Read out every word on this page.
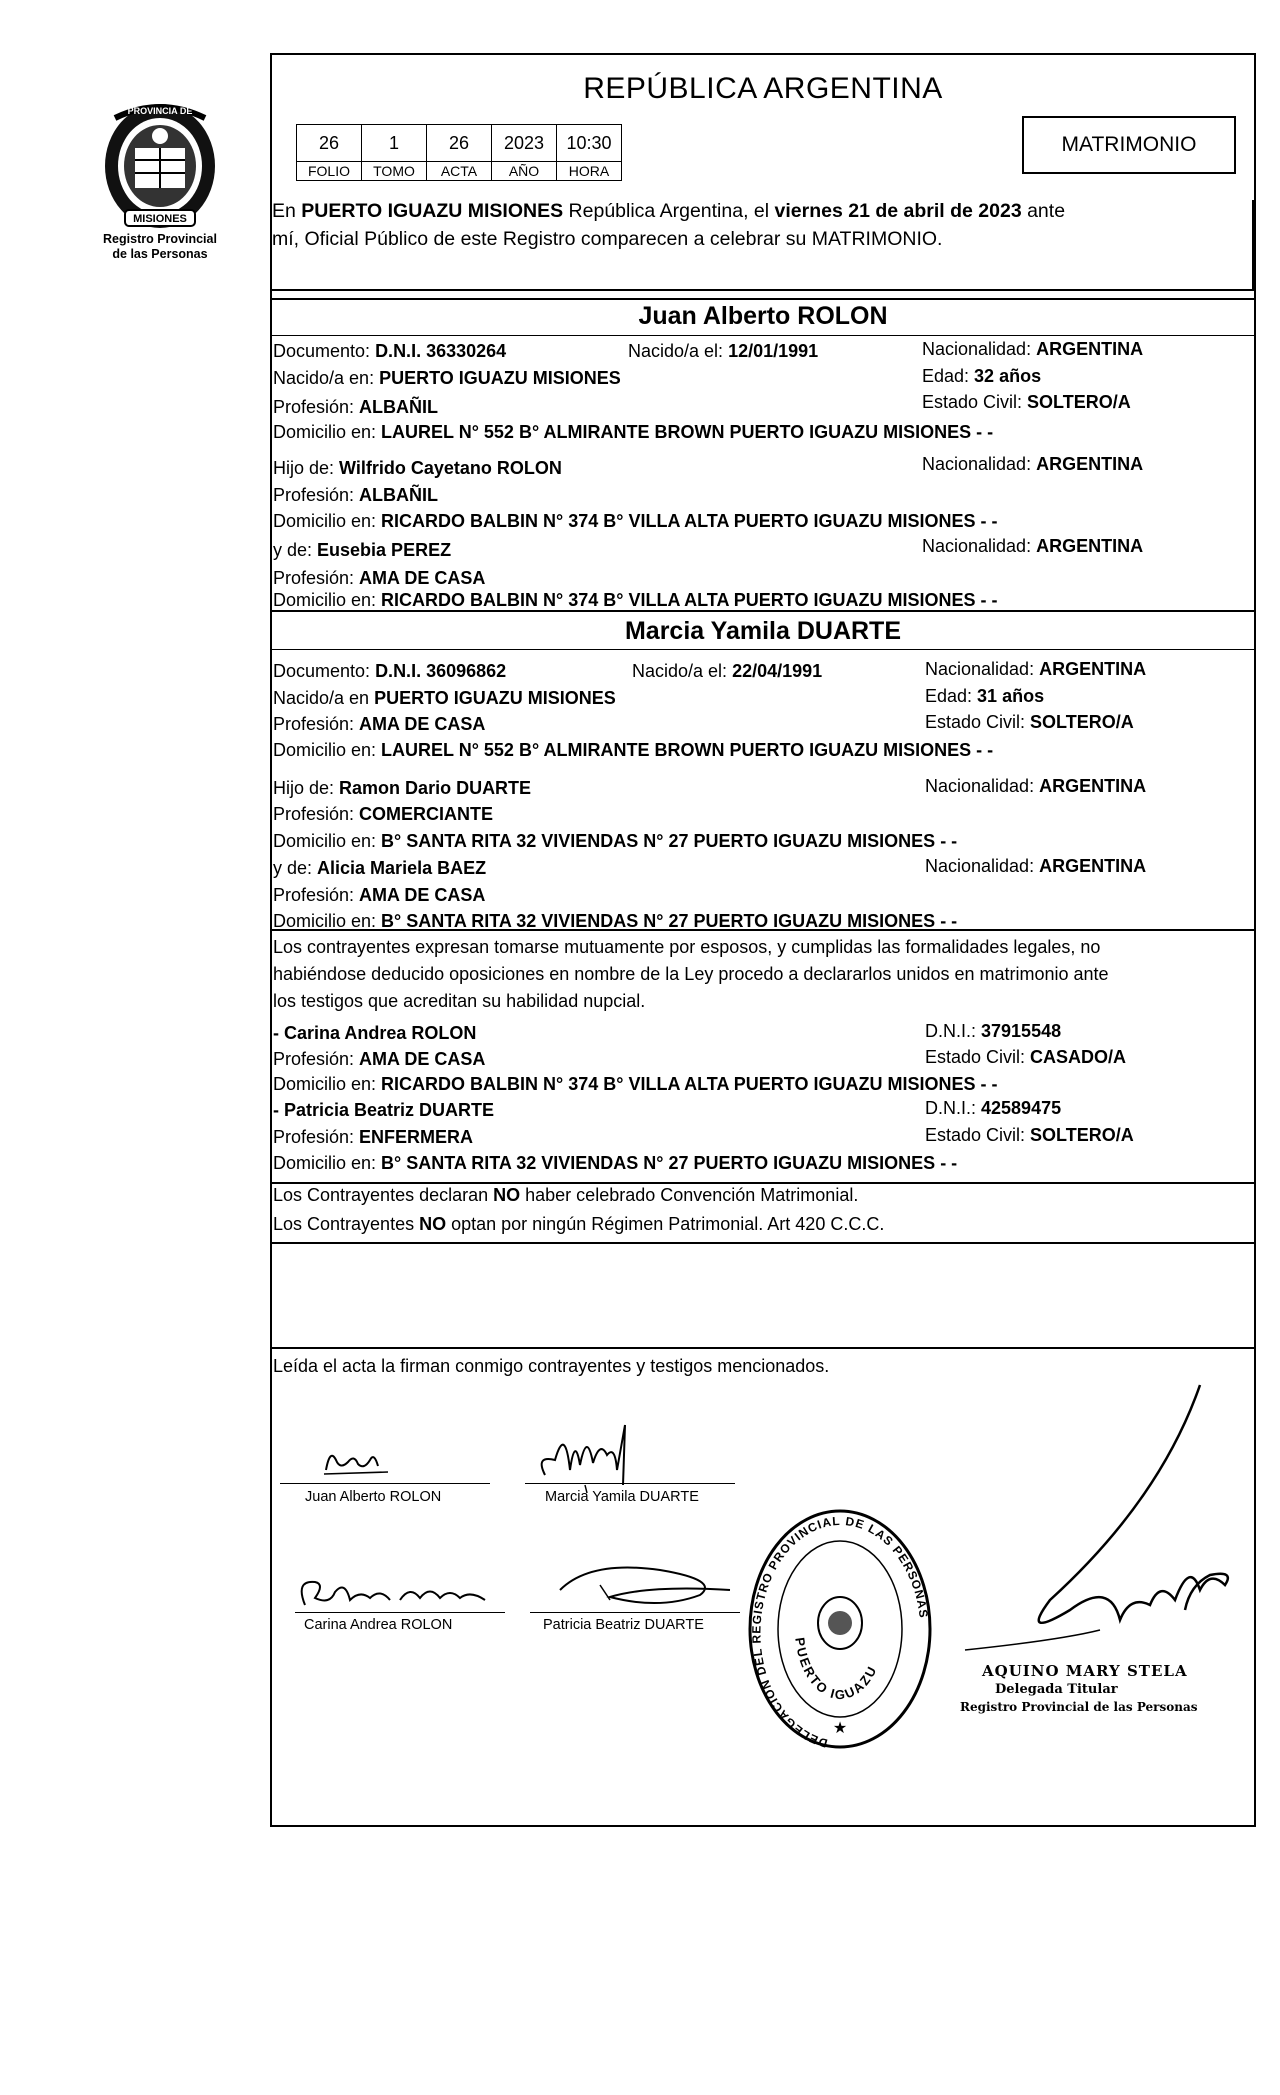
MISIONES
PROVINCIA DE
Registro Provincial
de las Personas
REPÚBLICA ARGENTINA
26	1	26	2023	10:30
FOLIO	TOMO	ACTA	AÑO	HORA
MATRIMONIO
En PUERTO IGUAZU MISIONES República Argentina, el viernes 21 de abril de 2023 ante
mí, Oficial Público de este Registro comparecen a celebrar su MATRIMONIO.
Juan Alberto ROLON
Documento: D.N.I. 36330264	Nacido/a el: 12/01/1991	Nacionalidad: ARGENTINA
Nacido/a en: PUERTO IGUAZU MISIONES	Edad: 32 años
Profesión: ALBAÑIL	Estado Civil: SOLTERO/A
Domicilio en: LAUREL N° 552 B° ALMIRANTE BROWN PUERTO IGUAZU MISIONES - -
Hijo de: Wilfrido Cayetano ROLON	Nacionalidad: ARGENTINA
Profesión: ALBAÑIL
Domicilio en: RICARDO BALBIN N° 374 B° VILLA ALTA PUERTO IGUAZU MISIONES - -
y de: Eusebia PEREZ	Nacionalidad: ARGENTINA
Profesión: AMA DE CASA
Domicilio en: RICARDO BALBIN N° 374 B° VILLA ALTA PUERTO IGUAZU MISIONES - -
Marcia Yamila DUARTE
Documento: D.N.I. 36096862	Nacido/a el: 22/04/1991	Nacionalidad: ARGENTINA
Nacido/a en PUERTO IGUAZU MISIONES	Edad: 31 años
Profesión: AMA DE CASA	Estado Civil: SOLTERO/A
Domicilio en: LAUREL N° 552 B° ALMIRANTE BROWN PUERTO IGUAZU MISIONES - -
Hijo de: Ramon Dario DUARTE	Nacionalidad: ARGENTINA
Profesión: COMERCIANTE
Domicilio en: B° SANTA RITA 32 VIVIENDAS N° 27 PUERTO IGUAZU MISIONES - -
y de: Alicia Mariela BAEZ	Nacionalidad: ARGENTINA
Profesión: AMA DE CASA
Domicilio en: B° SANTA RITA 32 VIVIENDAS N° 27 PUERTO IGUAZU MISIONES - -
Los contrayentes expresan tomarse mutuamente por esposos, y cumplidas las formalidades legales, no
habiéndose deducido oposiciones en nombre de la Ley procedo a declararlos unidos en matrimonio ante
los testigos que acreditan su habilidad nupcial.
- Carina Andrea ROLON	D.N.I.: 37915548
Profesión: AMA DE CASA	Estado Civil: CASADO/A
Domicilio en: RICARDO BALBIN N° 374 B° VILLA ALTA PUERTO IGUAZU MISIONES - -
- Patricia Beatriz DUARTE	D.N.I.: 42589475
Profesión: ENFERMERA	Estado Civil: SOLTERO/A
Domicilio en: B° SANTA RITA 32 VIVIENDAS N° 27 PUERTO IGUAZU MISIONES - -
Los Contrayentes declaran NO haber celebrado Convención Matrimonial.
Los Contrayentes NO optan por ningún Régimen Patrimonial. Art 420 C.C.C.
Leída el acta la firman conmigo contrayentes y testigos mencionados.
Juan Alberto ROLON	Marcia Yamila DUARTE
Carina Andrea ROLON	Patricia Beatriz DUARTE
DELEGACION DEL REGISTRO PROVINCIAL DE LAS PERSONAS
PUERTO IGUAZU
★
AQUINO MARY STELA
Delegada Titular
Registro Provincial de las Personas
